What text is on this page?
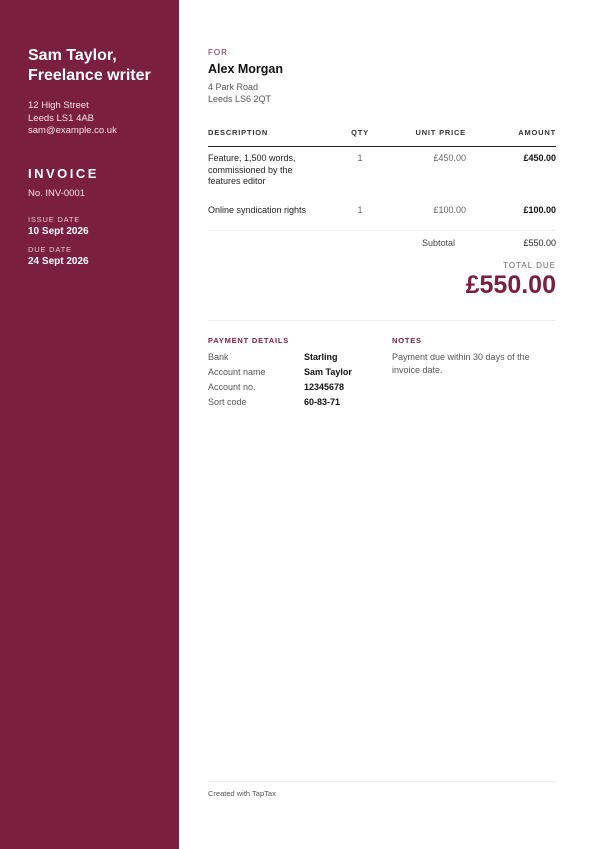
Sam Taylor,
Freelance writer
12 High Street
Leeds LS1 4AB
sam@example.co.uk
INVOICE
No. INV-0001
ISSUE DATE
10 Sept 2026
DUE DATE
24 Sept 2026
FOR
Alex Morgan
4 Park Road
Leeds LS6 2QT
DESCRIPTION	QTY	UNIT PRICE	AMOUNT
Feature, 1,500 words,
commissioned by the
features editor
1	£450.00	£450.00
Online syndication rights	1	£100.00	£100.00
Subtotal	£550.00
TOTAL DUE
£550.00
PAYMENT DETAILS
Bank	Starling
Account name	Sam Taylor
Account no.	12345678
Sort code	60-83-71
NOTES
Payment due within 30 days of the invoice date.
Created with TapTax
